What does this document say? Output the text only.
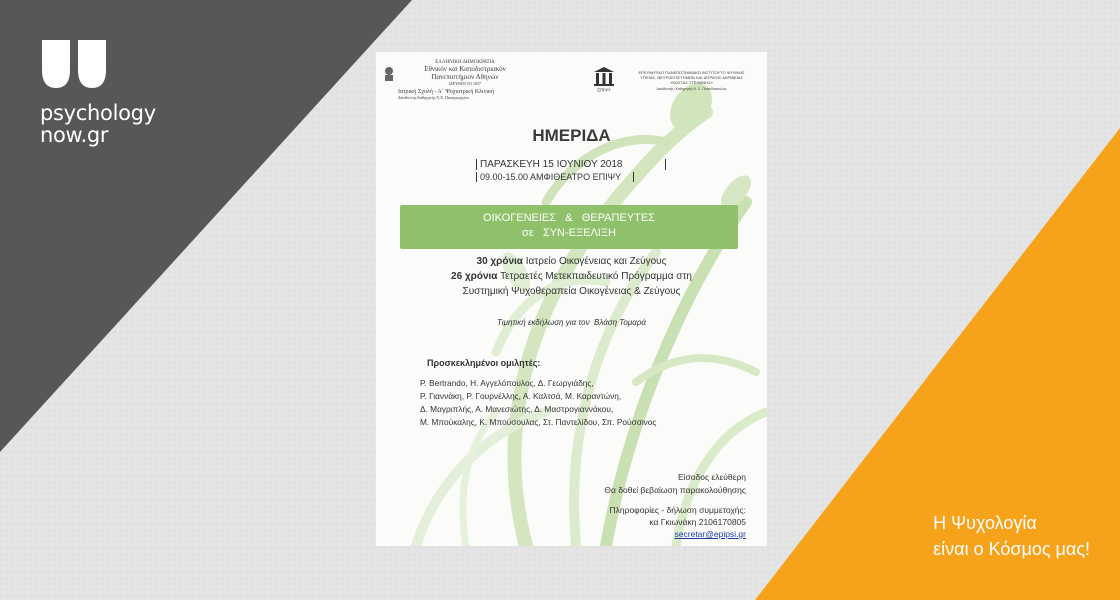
psychology
now.gr
Η Ψυχολογία
είναι ο Κόσμος μας!
ΕΛΛΗΝΙΚΗ ΔΗΜΟΚΡΑΤΙΑ
Εθνικόν και Καποδιστριακόν
Πανεπιστήμιον Αθηνών
ΙΔΡΥΘΕΝ ΤΟ 1837
Ιατρική Σχολή - Α΄ Ψυχιατρική Κλινική
Διευθυντής Καθηγητής Χ.Χ. Παπαγεωργίου
ΕΠΙΨΥ
ΕΡΕΥΝΗΤΙΚΟ ΠΑΝΕΠΙΣΤΗΜΙΑΚΟ ΙΝΣΤΙΤΟΥΤΟ ΨΥΧΙΚΗΣ
ΥΓΙΕΙΑΣ, ΝΕΥΡΟΕΠΙΣΤΗΜΩΝ ΚΑΙ ΙΑΤΡΙΚΗΣ ΑΚΡΙΒΕΙΑΣ
«ΚΩΣΤΑΣ ΣΤΕΦΑΝΗΣ»
Διευθυντής: Καθηγητής Ν. Σ. Παπαδόπουλος
ΗΜΕΡΙΔΑ
ΠΑΡΑΣΚΕΥΗ 15 ΙΟΥΝΙΟΥ 2018
09.00-15.00 ΑΜΦΙΘΕΑΤΡΟ ΕΠΙΨΥ
ΟΙΚΟΓΕΝΕΙΕΣ   &   ΘΕΡΑΠΕΥΤΕΣ
σε   ΣΥΝ-ΕΞΕΛΙΞΗ
30 χρόνια Ιατρείο Οικογένειας και Ζεύγους
26 χρόνια Τετραετές Μετεκπαιδευτικό Πρόγραμμα στη
Συστημική Ψυχοθεραπεία Οικογένειας & Ζεύγους
Τιμητική εκδήλωση για τον  Βλάση Τομαρά
Προσκεκλημένοι ομιλητές:
P. Bertrando, Η. Αγγελόπουλος, Δ. Γεωργιάδης,
Ρ. Γιαννάκη, Ρ. Γουρνέλλης, Α. Καλτσά, Μ. Καραντώνη,
Δ. Μαγριπλής, Α. Μανεσιώτης, Δ. Μαστρογιαννάκου,
Μ. Μπούκαλης, Κ. Μπούσουλας, Στ. Παντελίδου, Σπ. Ρούσσινος
Είσοδος ελεύθερη
Θα δοθεί βεβαίωση παρακολούθησης
Πληροφορίες - δήλωση συμμετοχής:
κα Γκιωνάκη 2106170805
secretar@epipsi.gr
